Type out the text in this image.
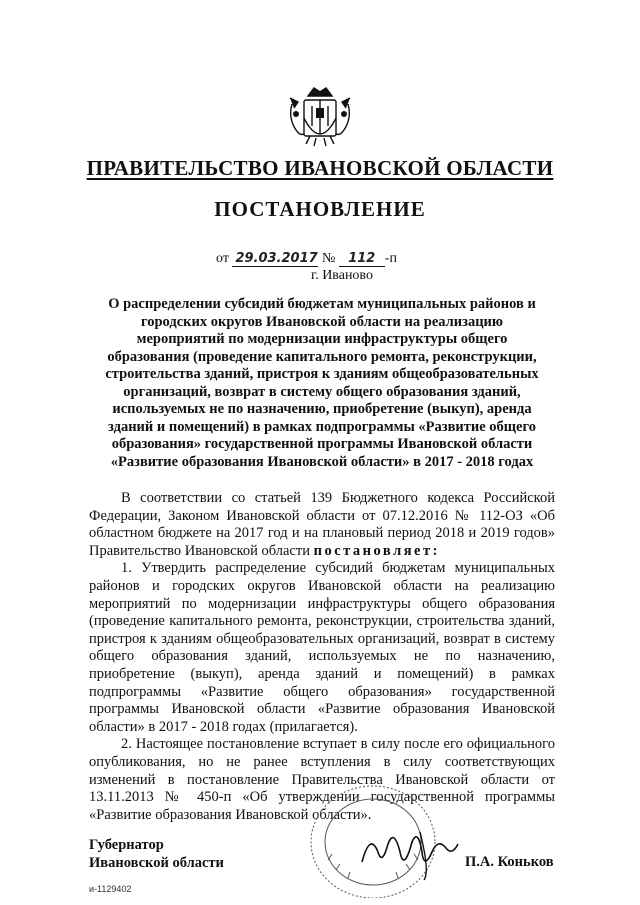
ПРАВИТЕЛЬСТВО ИВАНОВСКОЙ ОБЛАСТИ
ПОСТАНОВЛЕНИЕ
от 29.03.2017 № 112 -п
г. Иваново
О распределении субсидий бюджетам муниципальных районов и городских округов Ивановской области на реализацию мероприятий по модернизации инфраструктуры общего образования (проведение капитального ремонта, реконструкции, строительства зданий, пристроя к зданиям общеобразовательных организаций, возврат в систему общего образования зданий, используемых не по назначению, приобретение (выкуп), аренда зданий и помещений) в рамках подпрограммы «Развитие общего образования» государственной программы Ивановской области «Развитие образования Ивановской области» в 2017 - 2018 годах

В соответствии со статьей 139 Бюджетного кодекса Российской Федерации, Законом Ивановской области от 07.12.2016 № 112-ОЗ «Об областном бюджете на 2017 год и на плановый период 2018 и 2019 годов» Правительство Ивановской области постановляет:

1. Утвердить распределение субсидий бюджетам муниципальных районов и городских округов Ивановской области на реализацию мероприятий по модернизации инфраструктуры общего образования (проведение капитального ремонта, реконструкции, строительства зданий, пристроя к зданиям общеобразовательных организаций, возврат в систему общего образования зданий, используемых не по назначению, приобретение (выкуп), аренда зданий и помещений) в рамках подпрограммы «Развитие общего образования» государственной программы Ивановской области «Развитие образования Ивановской области» в 2017 - 2018 годах (прилагается).

2. Настоящее постановление вступает в силу после его официального опубликования, но не ранее вступления в силу соответствующих изменений в постановление Правительства Ивановской области от 13.11.2013 № 450-п «Об утверждении государственной программы «Развитие образования Ивановской области».

Губернатор
Ивановской области	П.А. Коньков
и-1129402
